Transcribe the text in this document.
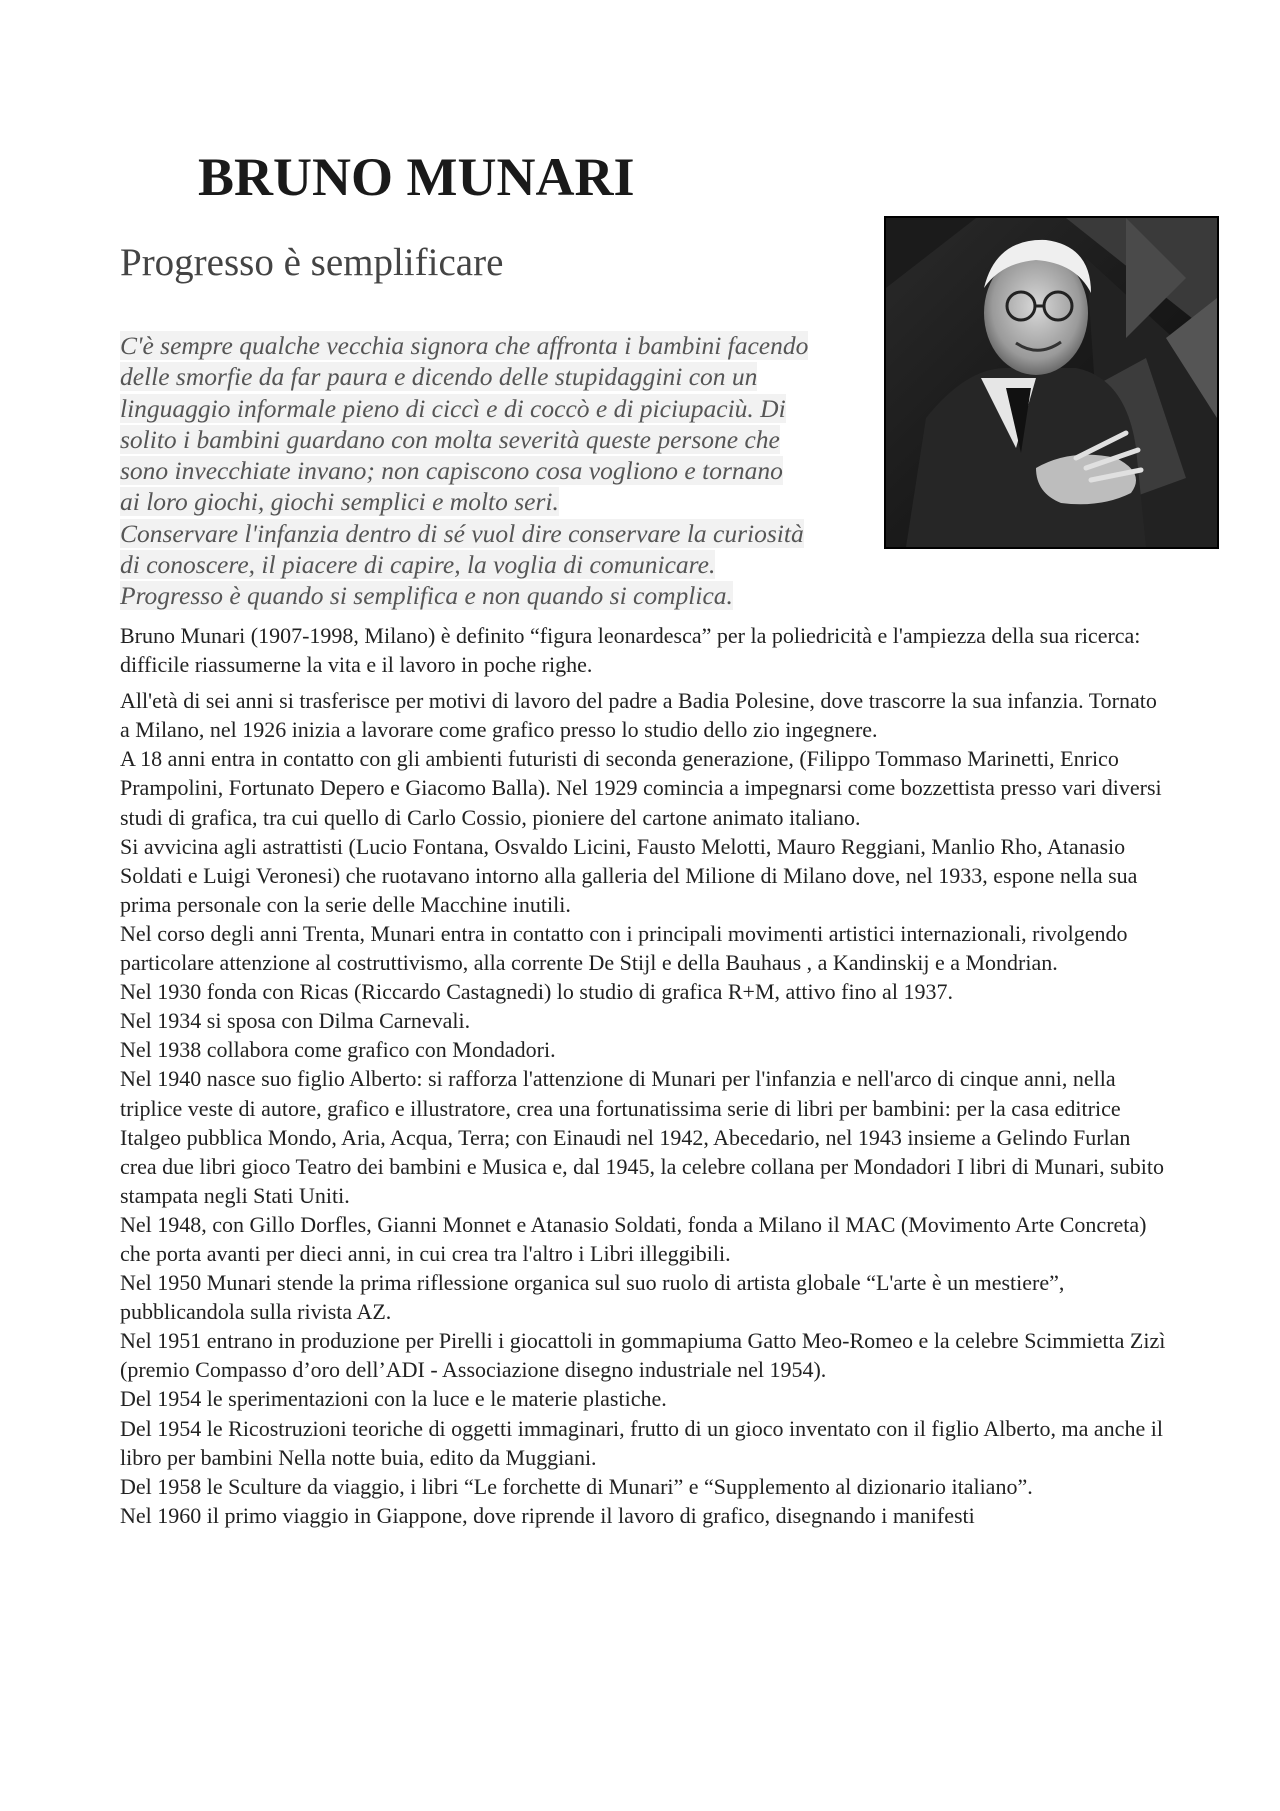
BRUNO MUNARI
Progresso è semplificare
C'è sempre qualche vecchia signora che affronta i bambini facendo
delle smorfie da far paura e dicendo delle stupidaggini con un
linguaggio informale pieno di ciccì e di coccò e di piciupaciù. Di
solito i bambini guardano con molta severità queste persone che
sono invecchiate invano; non capiscono cosa vogliono e tornano
ai loro giochi, giochi semplici e molto seri.
Conservare l'infanzia dentro di sé vuol dire conservare la curiosità
di conoscere, il piacere di capire, la voglia di comunicare.
Progresso è quando si semplifica e non quando si complica.

Bruno Munari (1907-1998, Milano) è definito “figura leonardesca” per la poliedricità e l'ampiezza della sua ricerca: difficile riassumerne la vita e il lavoro in poche righe.

All'età di sei anni si trasferisce per motivi di lavoro del padre a Badia Polesine, dove trascorre la sua infanzia. Tornato a Milano, nel 1926 inizia a lavorare come grafico presso lo studio dello zio ingegnere.

A 18 anni entra in contatto con gli ambienti futuristi di seconda generazione, (Filippo Tommaso Marinetti, Enrico Prampolini, Fortunato Depero e Giacomo Balla). Nel 1929 comincia a impegnarsi come bozzettista presso vari diversi studi di grafica, tra cui quello di Carlo Cossio, pioniere del cartone animato italiano.

Si avvicina agli astrattisti (Lucio Fontana, Osvaldo Licini, Fausto Melotti, Mauro Reggiani, Manlio Rho, Atanasio Soldati e Luigi Veronesi) che ruotavano intorno alla galleria del Milione di Milano dove, nel 1933, espone nella sua prima personale con la serie delle Macchine inutili.

Nel corso degli anni Trenta, Munari entra in contatto con i principali movimenti artistici internazionali, rivolgendo particolare attenzione al costruttivismo, alla corrente De Stijl e della Bauhaus , a Kandinskij e a Mondrian.

Nel 1930 fonda con Ricas (Riccardo Castagnedi) lo studio di grafica R+M, attivo fino al 1937.

Nel 1934 si sposa con Dilma Carnevali.

Nel 1938 collabora come grafico con Mondadori.

Nel 1940 nasce suo figlio Alberto: si rafforza l'attenzione di Munari per l'infanzia e nell'arco di cinque anni, nella triplice veste di autore, grafico e illustratore, crea una fortunatissima serie di libri per bambini: per la casa editrice Italgeo pubblica Mondo, Aria, Acqua, Terra; con Einaudi nel 1942, Abecedario, nel 1943 insieme a Gelindo Furlan crea due libri gioco Teatro dei bambini e Musica e, dal 1945, la celebre collana per Mondadori I libri di Munari, subito stampata negli Stati Uniti.

Nel 1948, con Gillo Dorfles, Gianni Monnet e Atanasio Soldati, fonda a Milano il MAC (Movimento Arte Concreta) che porta avanti per dieci anni, in cui crea tra l'altro i Libri illeggibili.

Nel 1950 Munari stende la prima riflessione organica sul suo ruolo di artista globale “L'arte è un mestiere”, pubblicandola sulla rivista AZ.

Nel 1951 entrano in produzione per Pirelli i giocattoli in gommapiuma Gatto Meo-Romeo e la celebre Scimmietta Zizì (premio Compasso d’oro dell’ADI - Associazione disegno industriale nel 1954).

Del 1954 le sperimentazioni con la luce e le materie plastiche.

Del 1954 le Ricostruzioni teoriche di oggetti immaginari, frutto di un gioco inventato con il figlio Alberto, ma anche il libro per bambini Nella notte buia, edito da Muggiani.

Del 1958 le Sculture da viaggio, i libri “Le forchette di Munari” e “Supplemento al dizionario italiano”.

Nel 1960 il primo viaggio in Giappone, dove riprende il lavoro di grafico, disegnando i manifesti
